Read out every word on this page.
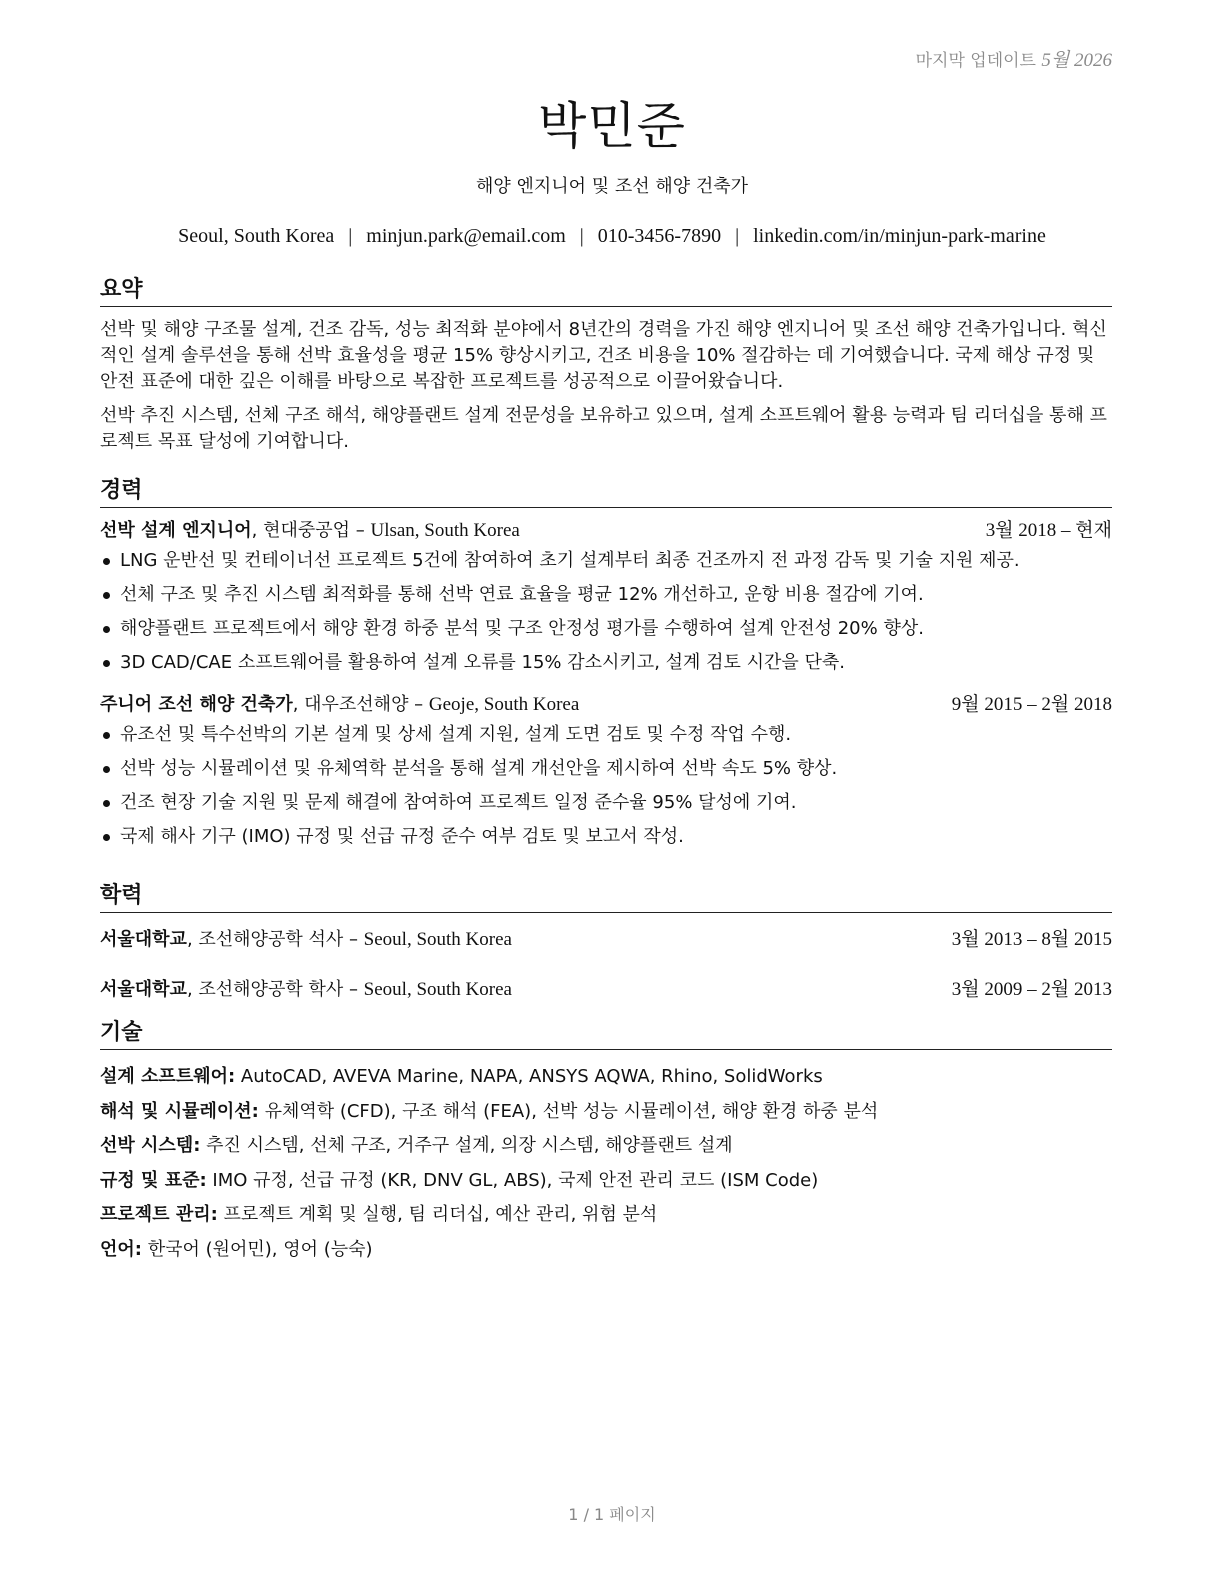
마지막 업데이트 5월 2026
박민준
해양 엔지니어 및 조선 해양 건축가
Seoul, South Korea | minjun.park@email.com | 010-3456-7890 | linkedin.com/in/minjun-park-marine
요약

선박 및 해양 구조물 설계, 건조 감독, 성능 최적화 분야에서 8년간의 경력을 가진 해양 엔지니어 및 조선 해양 건축가입니다. 혁신적인 설계 솔루션을 통해 선박 효율성을 평균 15% 향상시키고, 건조 비용을 10% 절감하는 데 기여했습니다. 국제 해상 규정 및 안전 표준에 대한 깊은 이해를 바탕으로 복잡한 프로젝트를 성공적으로 이끌어왔습니다.

선박 추진 시스템, 선체 구조 해석, 해양플랜트 설계 전문성을 보유하고 있으며, 설계 소프트웨어 활용 능력과 팀 리더십을 통해 프로젝트 목표 달성에 기여합니다.

경력
선박 설계 엔지니어, 현대중공업 – Ulsan, South Korea	3월 2018 – 현재
LNG 운반선 및 컨테이너선 프로젝트 5건에 참여하여 초기 설계부터 최종 건조까지 전 과정 감독 및 기술 지원 제공.
선체 구조 및 추진 시스템 최적화를 통해 선박 연료 효율을 평균 12% 개선하고, 운항 비용 절감에 기여.
해양플랜트 프로젝트에서 해양 환경 하중 분석 및 구조 안정성 평가를 수행하여 설계 안전성 20% 향상.
3D CAD/CAE 소프트웨어를 활용하여 설계 오류를 15% 감소시키고, 설계 검토 시간을 단축.
주니어 조선 해양 건축가, 대우조선해양 – Geoje, South Korea	9월 2015 – 2월 2018
유조선 및 특수선박의 기본 설계 및 상세 설계 지원, 설계 도면 검토 및 수정 작업 수행.
선박 성능 시뮬레이션 및 유체역학 분석을 통해 설계 개선안을 제시하여 선박 속도 5% 향상.
건조 현장 기술 지원 및 문제 해결에 참여하여 프로젝트 일정 준수율 95% 달성에 기여.
국제 해사 기구 (IMO) 규정 및 선급 규정 준수 여부 검토 및 보고서 작성.
학력
서울대학교, 조선해양공학 석사 – Seoul, South Korea	3월 2013 – 8월 2015
서울대학교, 조선해양공학 학사 – Seoul, South Korea	3월 2009 – 2월 2013
기술
설계 소프트웨어: AutoCAD, AVEVA Marine, NAPA, ANSYS AQWA, Rhino, SolidWorks
해석 및 시뮬레이션: 유체역학 (CFD), 구조 해석 (FEA), 선박 성능 시뮬레이션, 해양 환경 하중 분석
선박 시스템: 추진 시스템, 선체 구조, 거주구 설계, 의장 시스템, 해양플랜트 설계
규정 및 표준: IMO 규정, 선급 규정 (KR, DNV GL, ABS), 국제 안전 관리 코드 (ISM Code)
프로젝트 관리: 프로젝트 계획 및 실행, 팀 리더십, 예산 관리, 위험 분석
언어: 한국어 (원어민), 영어 (능숙)
1 / 1 페이지
